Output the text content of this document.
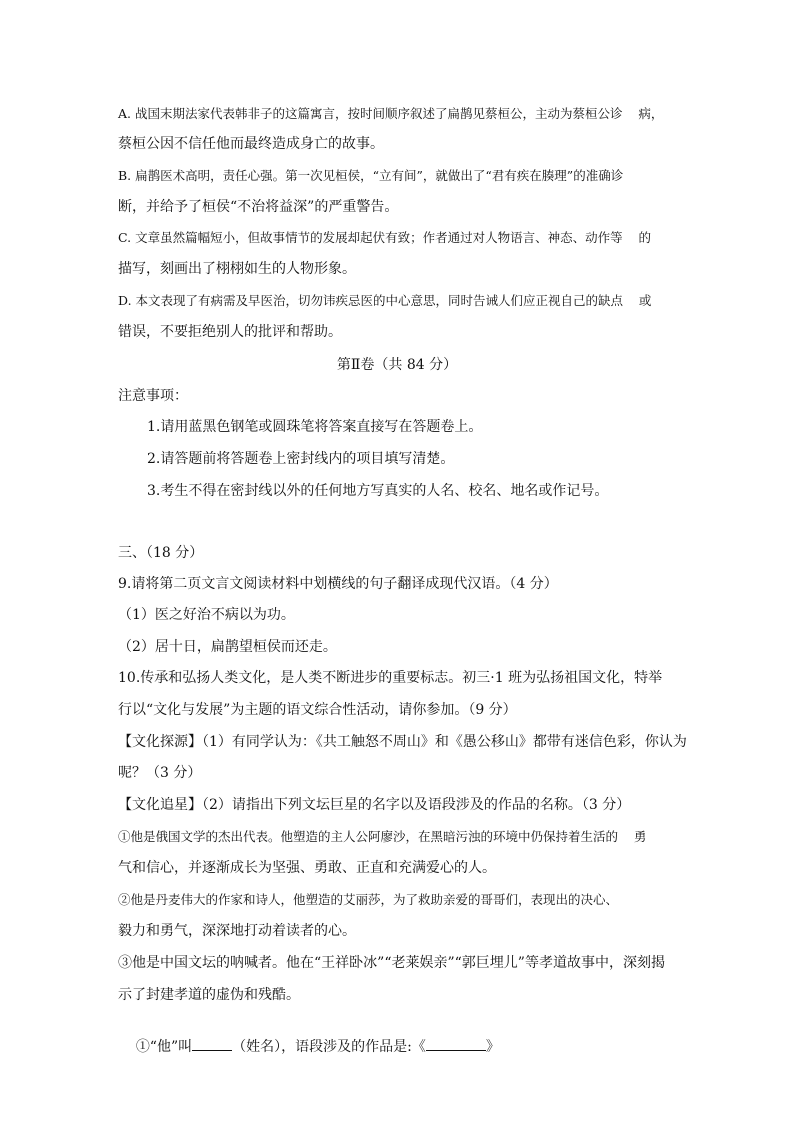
A. 战国末期法家代表韩非子的这篇寓言，按时间顺序叙述了扁鹊见蔡桓公，主动为蔡桓公诊    病，
蔡桓公因不信任他而最终造成身亡的故事。
B. 扁鹊医术高明，责任心强。第一次见桓侯，“立有间”，就做出了“君有疾在腠理”的准确诊
断，并给予了桓侯“不治将益深”的严重警告。
C. 文章虽然篇幅短小，但故事情节的发展却起伏有致；作者通过对人物语言、神态、动作等    的
描写，刻画出了栩栩如生的人物形象。
D. 本文表现了有病需及早医治，切勿讳疾忌医的中心意思，同时告诫人们应正视自己的缺点    或
错误，不要拒绝别人的批评和帮助。
第Ⅱ卷（共 84 分）
注意事项：
1.请用蓝黑色钢笔或圆珠笔将答案直接写在答题卷上。
2.请答题前将答题卷上密封线内的项目填写清楚。
3.考生不得在密封线以外的任何地方写真实的人名、校名、地名或作记号。
三、（18 分）
9.请将第二页文言文阅读材料中划横线的句子翻译成现代汉语。（4 分）
（1）医之好治不病以为功。
（2）居十日，扁鹊望桓侯而还走。
10.传承和弘扬人类文化，是人类不断进步的重要标志。初三·1 班为弘扬祖国文化，特举
行以“文化与发展”为主题的语文综合性活动，请你参加。（9 分）
【文化探源】（1）有同学认为：《共工触怒不周山》和《愚公移山》都带有迷信色彩，你认为
呢？（3 分）
【文化追星】（2）请指出下列文坛巨星的名字以及语段涉及的作品的名称。（3 分）
①他是俄国文学的杰出代表。他塑造的主人公阿廖沙，在黑暗污浊的环境中仍保持着生活的    勇
气和信心，并逐渐成长为坚强、勇敢、正直和充满爱心的人。
②他是丹麦伟大的作家和诗人，他塑造的艾丽莎，为了救助亲爱的哥哥们，表现出的决心、
毅力和勇气，深深地打动着读者的心。
③他是中国文坛的呐喊者。他在“王祥卧冰”“老莱娱亲”“郭巨埋儿”等孝道故事中，深刻揭
示了封建孝道的虚伪和残酷。

①“他”叫	（姓名），语段涉及的作品是:《	》
